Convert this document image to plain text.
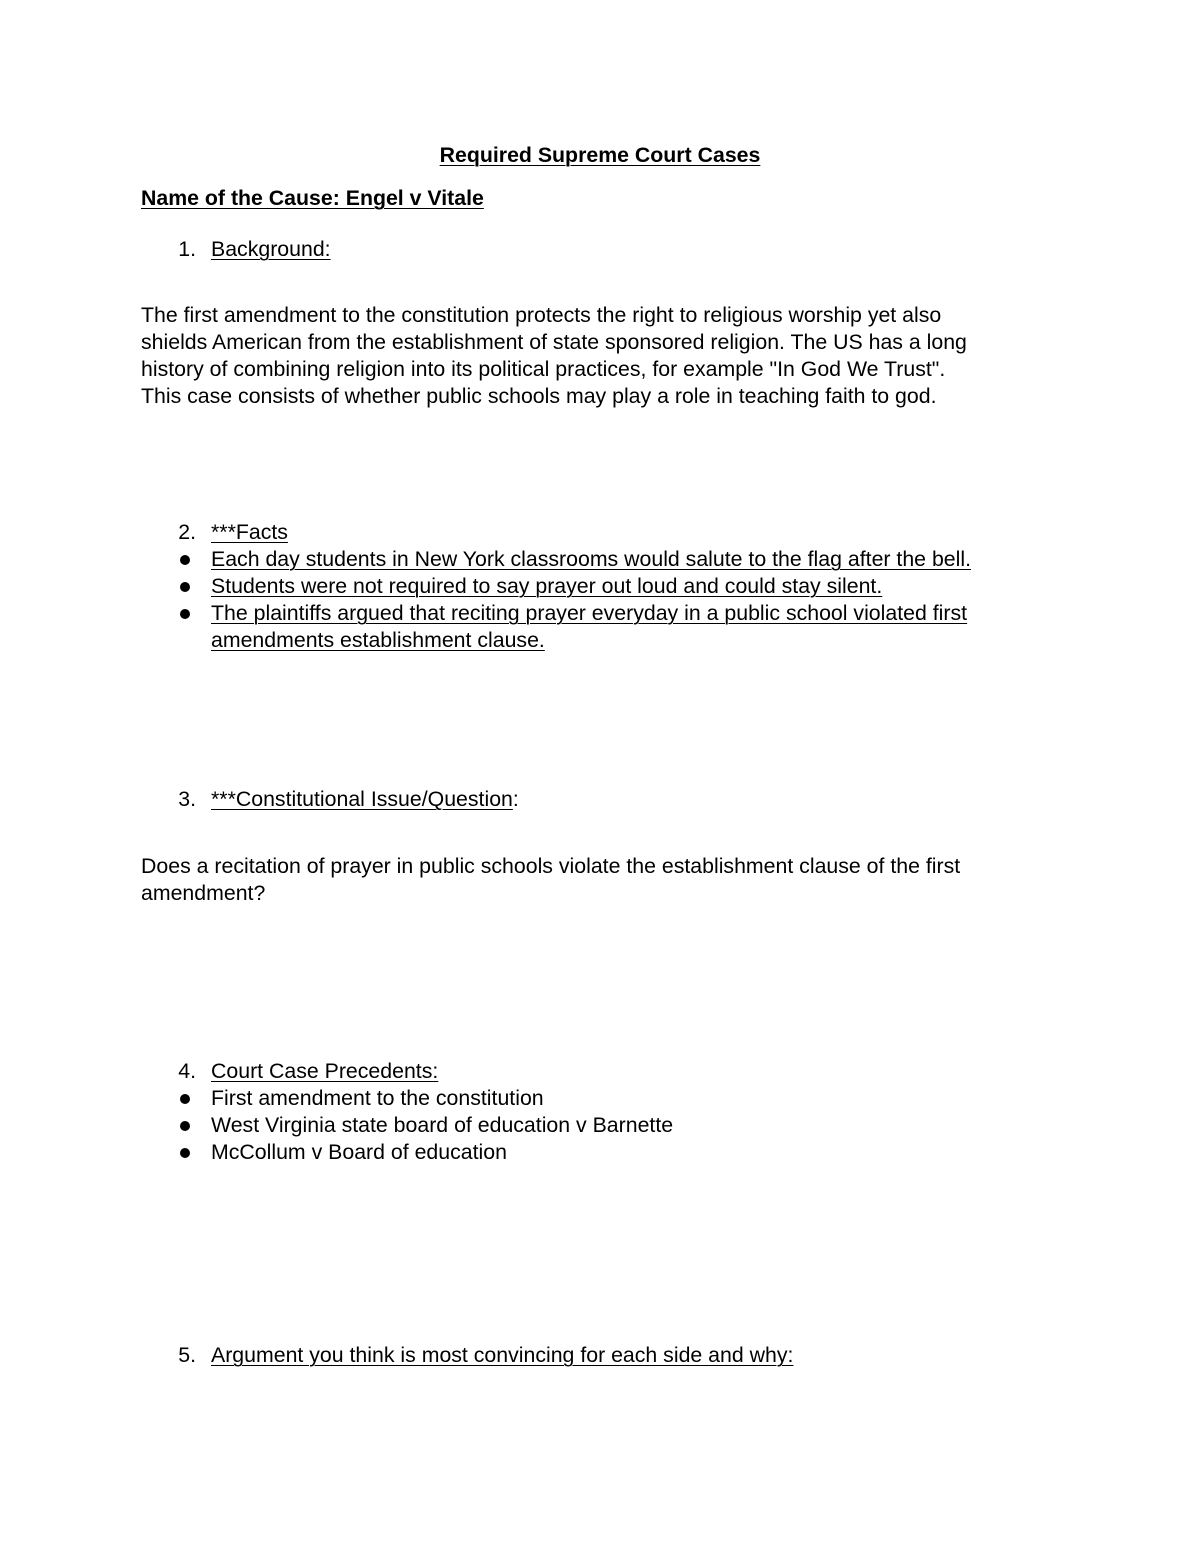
Required Supreme Court Cases
Name of the Cause: Engel v Vitale
1. Background:
The first amendment to the constitution protects the right to religious worship yet also
shields American from the establishment of state sponsored religion. The US has a long
history of combining religion into its political practices, for example "In God We Trust".
This case consists of whether public schools may play a role in teaching faith to god.
2. ***Facts
Each day students in New York classrooms would salute to the flag after the bell.
Students were not required to say prayer out loud and could stay silent.
The plaintiffs argued that reciting prayer everyday in a public school violated first
amendments establishment clause.
3. ***Constitutional Issue/Question:
Does a recitation of prayer in public schools violate the establishment clause of the first
amendment?
4. Court Case Precedents:
First amendment to the constitution
West Virginia state board of education v Barnette
McCollum v Board of education
5. Argument you think is most convincing for each side and why:
